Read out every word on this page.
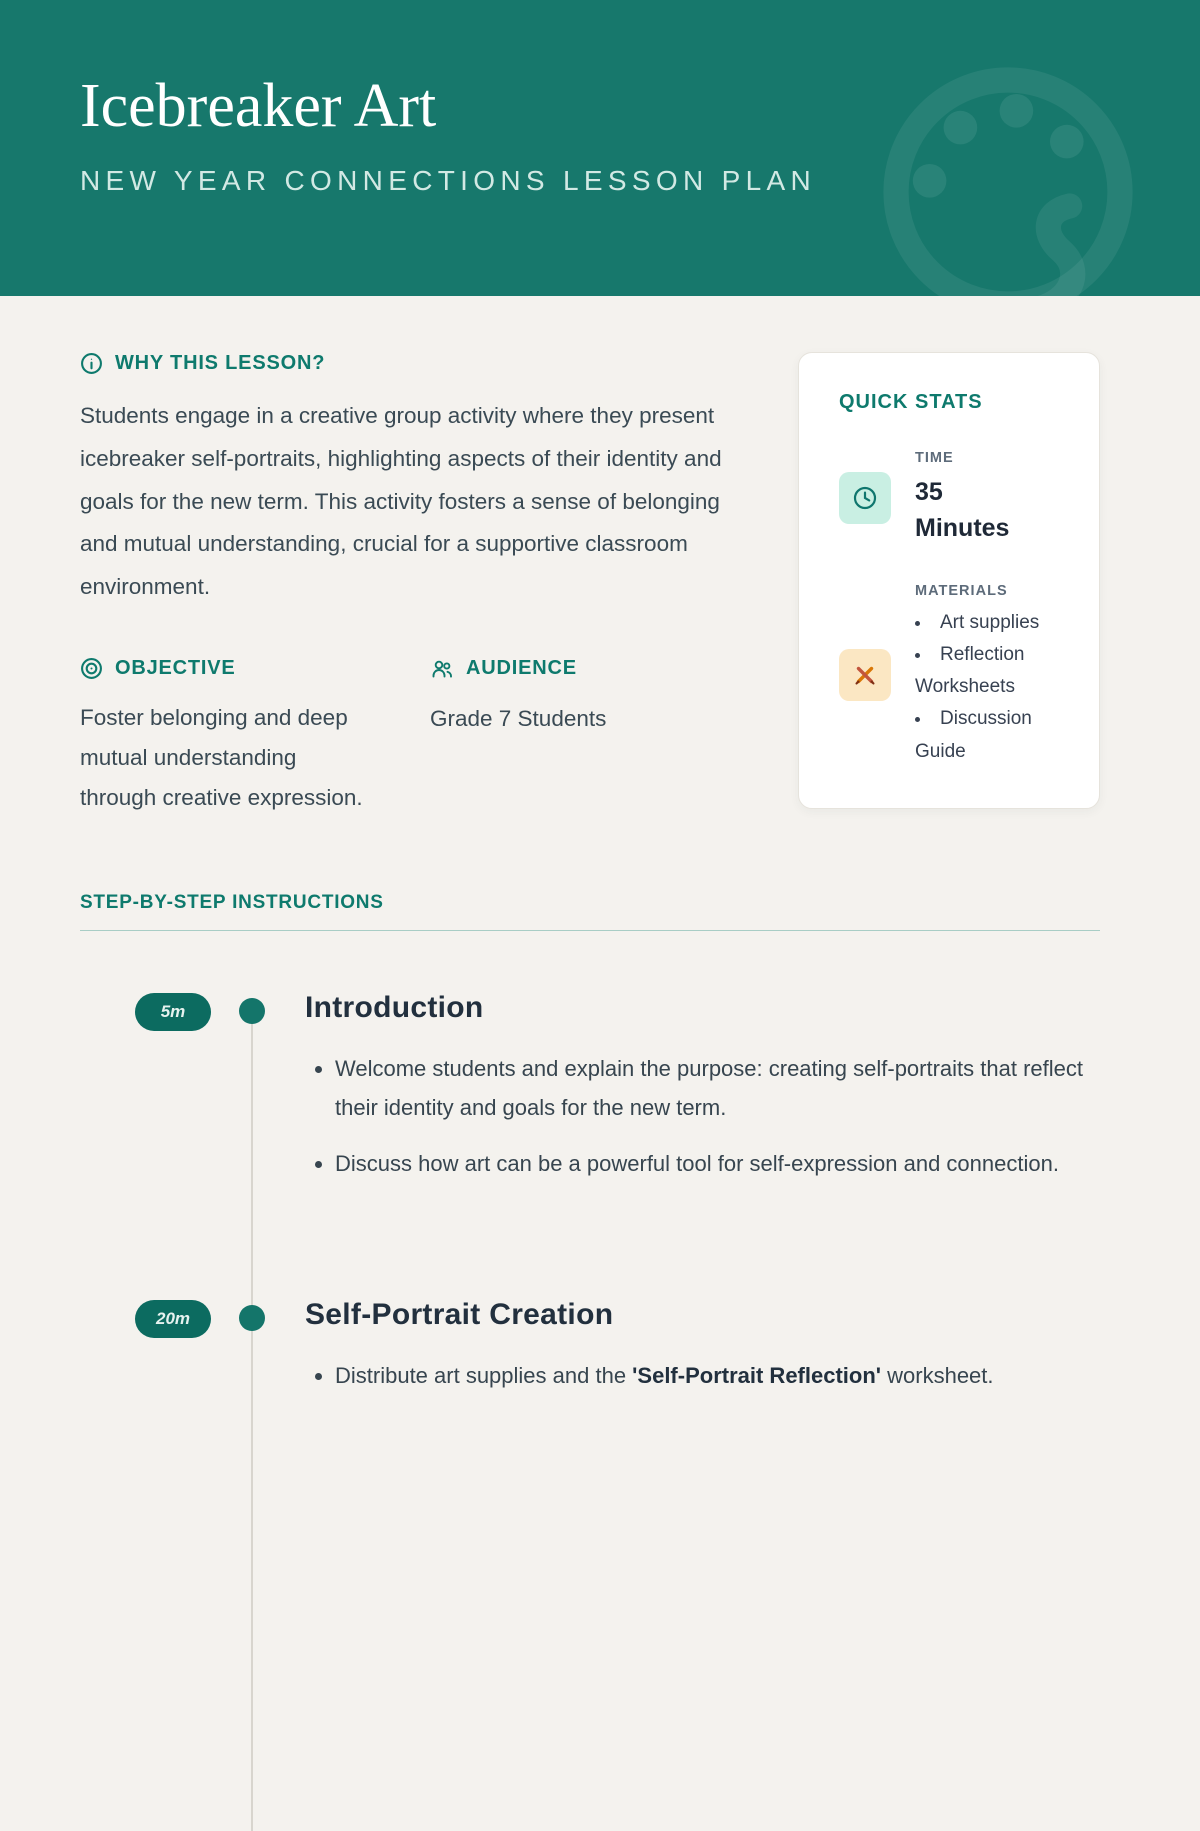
Icebreaker Art
NEW YEAR CONNECTIONS LESSON PLAN
WHY THIS LESSON?

Students engage in a creative group activity where they present icebreaker self-portraits, highlighting aspects of their identity and goals for the new term. This activity fosters a sense of belonging and mutual understanding, crucial for a supportive classroom environment.

OBJECTIVE

Foster belonging and deep mutual understanding through creative expression.

AUDIENCE

Grade 7 Students

QUICK STATS
TIME
35 Minutes
MATERIALS
• Art supplies
• Reflection Worksheets
• Discussion Guide
STEP-BY-STEP INSTRUCTIONS
5m	Introduction
• Welcome students and explain the purpose: creating self-portraits that reflect their identity and goals for the new term.
• Discuss how art can be a powerful tool for self-expression and connection.
20m	Self-Portrait Creation
• Distribute art supplies and the 'Self-Portrait Reflection' worksheet.
